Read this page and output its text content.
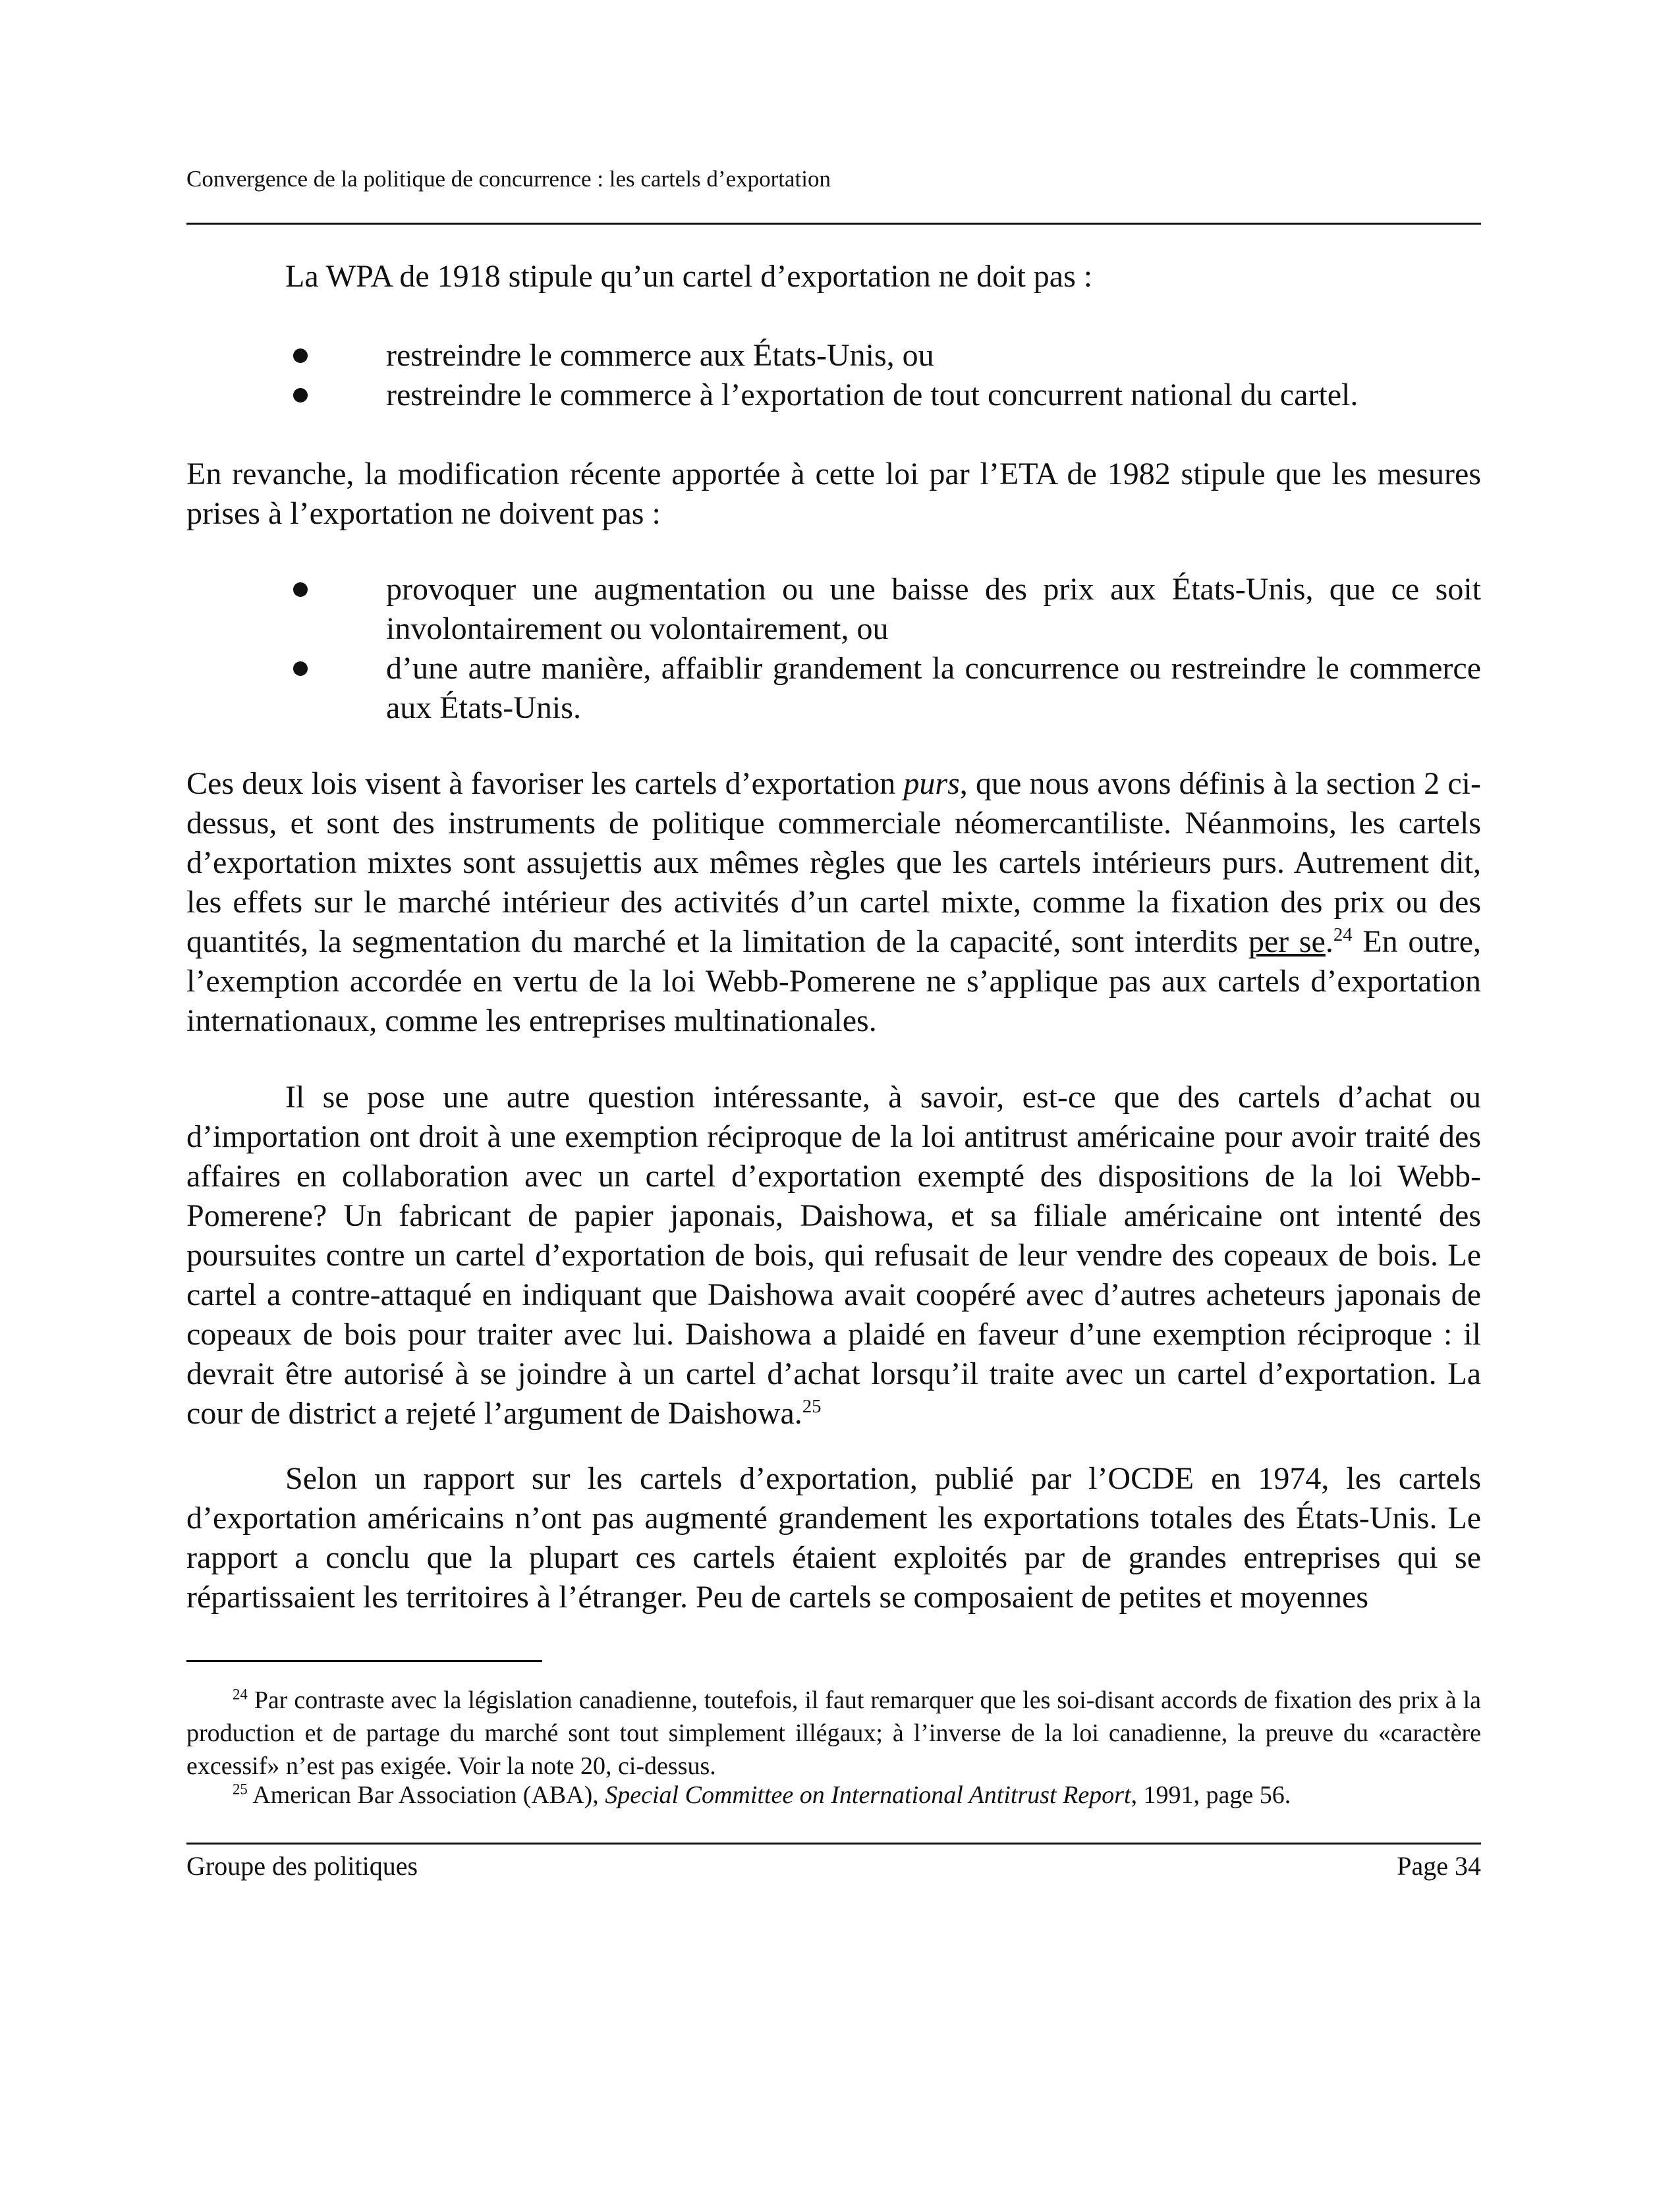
Convergence de la politique de concurrence : les cartels d’exportation
La WPA de 1918 stipule qu’un cartel d’exportation ne doit pas :
restreindre le commerce aux États-Unis, ou
restreindre le commerce à l’exportation de tout concurrent national du cartel.
En revanche, la modification récente apportée à cette loi par l’ETA de 1982 stipule que les mesures prises à l’exportation ne doivent pas :
provoquer une augmentation ou une baisse des prix aux États-Unis, que ce soit involontairement ou volontairement, ou
d’une autre manière, affaiblir grandement la concurrence ou restreindre le commerce aux États-Unis.

Ces deux lois visent à favoriser les cartels d’exportation purs, que nous avons définis à la section 2 ci-dessus, et sont des instruments de politique commerciale néomercantiliste. Néanmoins, les cartels d’exportation mixtes sont assujettis aux mêmes règles que les cartels intérieurs purs. Autrement dit, les effets sur le marché intérieur des activités d’un cartel mixte, comme la fixation des prix ou des quantités, la segmentation du marché et la limitation de la capacité, sont interdits per se.$^{24}$ En outre, l’exemption accordée en vertu de la loi Webb-Pomerene ne s’applique pas aux cartels d’exportation internationaux, comme les entreprises multinationales.

Il se pose une autre question intéressante, à savoir, est-ce que des cartels d’achat ou d’importation ont droit à une exemption réciproque de la loi antitrust américaine pour avoir traité des affaires en collaboration avec un cartel d’exportation exempté des dispositions de la loi Webb-Pomerene? Un fabricant de papier japonais, Daishowa, et sa filiale américaine ont intenté des poursuites contre un cartel d’exportation de bois, qui refusait de leur vendre des copeaux de bois. Le cartel a contre-attaqué en indiquant que Daishowa avait coopéré avec d’autres acheteurs japonais de copeaux de bois pour traiter avec lui. Daishowa a plaidé en faveur d’une exemption réciproque : il devrait être autorisé à se joindre à un cartel d’achat lorsqu’il traite avec un cartel d’exportation. La cour de district a rejeté l’argument de Daishowa.$^{25}$

Selon un rapport sur les cartels d’exportation, publié par l’OCDE en 1974, les cartels d’exportation américains n’ont pas augmenté grandement les exportations totales des États-Unis. Le rapport a conclu que la plupart ces cartels étaient exploités par de grandes entreprises qui se répartissaient les territoires à l’étranger. Peu de cartels se composaient de petites et moyennes

$^{24}$ Par contraste avec la législation canadienne, toutefois, il faut remarquer que les soi-disant accords de fixation des prix à la production et de partage du marché sont tout simplement illégaux; à l’inverse de la loi canadienne, la preuve du «caractère excessif» n’est pas exigée. Voir la note 20, ci-dessus.

$^{25}$ American Bar Association (ABA), Special Committee on International Antitrust Report, 1991, page 56.

Groupe des politiques	Page 34
